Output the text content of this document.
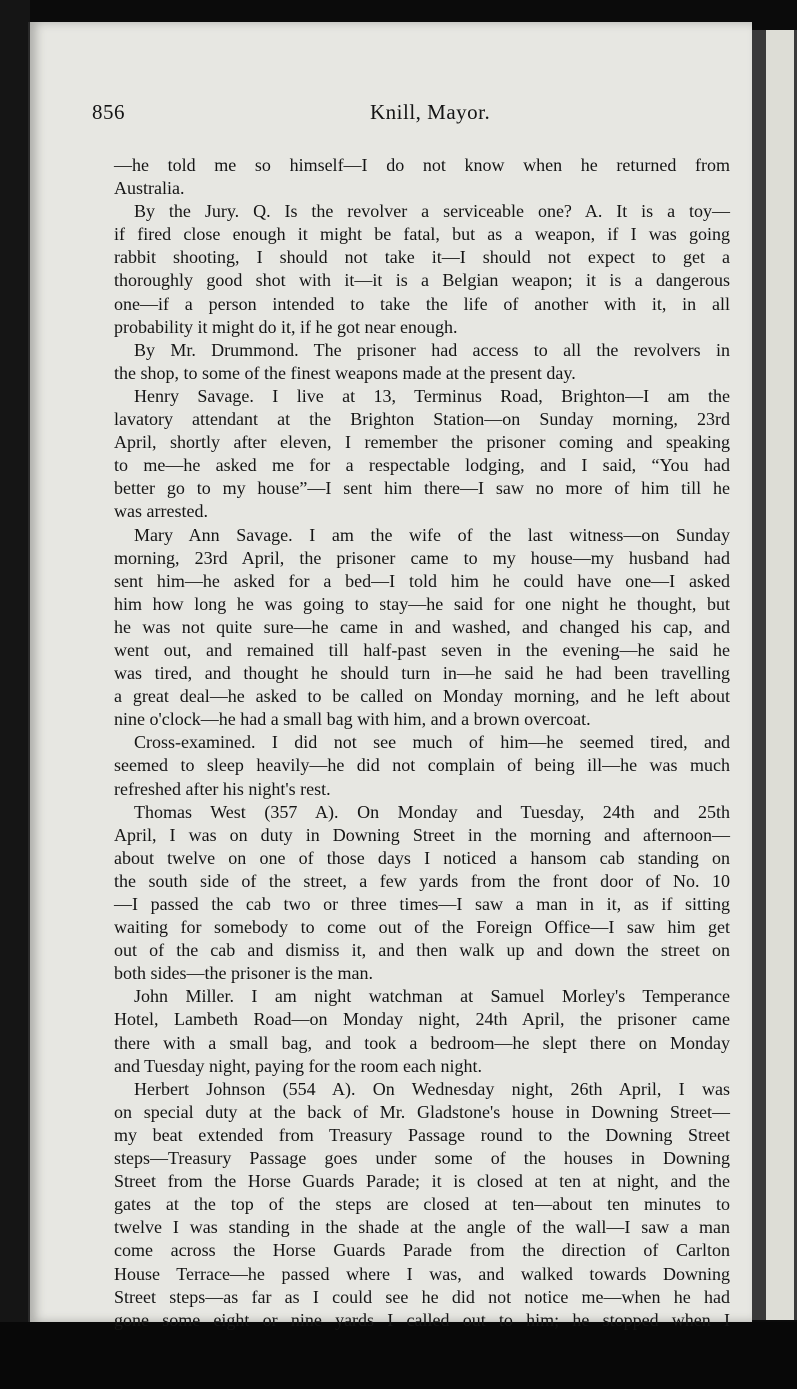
856	Knill, Mayor.
—he told me so himself—I do not know when he returned from
Australia.
By the Jury. Q. Is the revolver a serviceable one? A. It is a toy—
if fired close enough it might be fatal, but as a weapon, if I was going
rabbit shooting, I should not take it—I should not expect to get a
thoroughly good shot with it—it is a Belgian weapon; it is a dangerous
one—if a person intended to take the life of another with it, in all
probability it might do it, if he got near enough.
By Mr. Drummond. The prisoner had access to all the revolvers in
the shop, to some of the finest weapons made at the present day.
Henry Savage. I live at 13, Terminus Road, Brighton—I am the
lavatory attendant at the Brighton Station—on Sunday morning, 23rd
April, shortly after eleven, I remember the prisoner coming and speaking
to me—he asked me for a respectable lodging, and I said, “You had
better go to my house”—I sent him there—I saw no more of him till he
was arrested.
Mary Ann Savage. I am the wife of the last witness—on Sunday
morning, 23rd April, the prisoner came to my house—my husband had
sent him—he asked for a bed—I told him he could have one—I asked
him how long he was going to stay—he said for one night he thought, but
he was not quite sure—he came in and washed, and changed his cap, and
went out, and remained till half-past seven in the evening—he said he
was tired, and thought he should turn in—he said he had been travelling
a great deal—he asked to be called on Monday morning, and he left about
nine o'clock—he had a small bag with him, and a brown overcoat.
Cross-examined. I did not see much of him—he seemed tired, and
seemed to sleep heavily—he did not complain of being ill—he was much
refreshed after his night's rest.
Thomas West (357 A). On Monday and Tuesday, 24th and 25th
April, I was on duty in Downing Street in the morning and afternoon—
about twelve on one of those days I noticed a hansom cab standing on
the south side of the street, a few yards from the front door of No. 10
—I passed the cab two or three times—I saw a man in it, as if sitting
waiting for somebody to come out of the Foreign Office—I saw him get
out of the cab and dismiss it, and then walk up and down the street on
both sides—the prisoner is the man.
John Miller. I am night watchman at Samuel Morley's Temperance
Hotel, Lambeth Road—on Monday night, 24th April, the prisoner came
there with a small bag, and took a bedroom—he slept there on Monday
and Tuesday night, paying for the room each night.
Herbert Johnson (554 A). On Wednesday night, 26th April, I was
on special duty at the back of Mr. Gladstone's house in Downing Street—
my beat extended from Treasury Passage round to the Downing Street
steps—Treasury Passage goes under some of the houses in Downing
Street from the Horse Guards Parade; it is closed at ten at night, and the
gates at the top of the steps are closed at ten—about ten minutes to
twelve I was standing in the shade at the angle of the wall—I saw a man
come across the Horse Guards Parade from the direction of Carlton
House Terrace—he passed where I was, and walked towards Downing
Street steps—as far as I could see he did not notice me—when he had
gone some eight or nine yards I called out to him; he stopped when I
